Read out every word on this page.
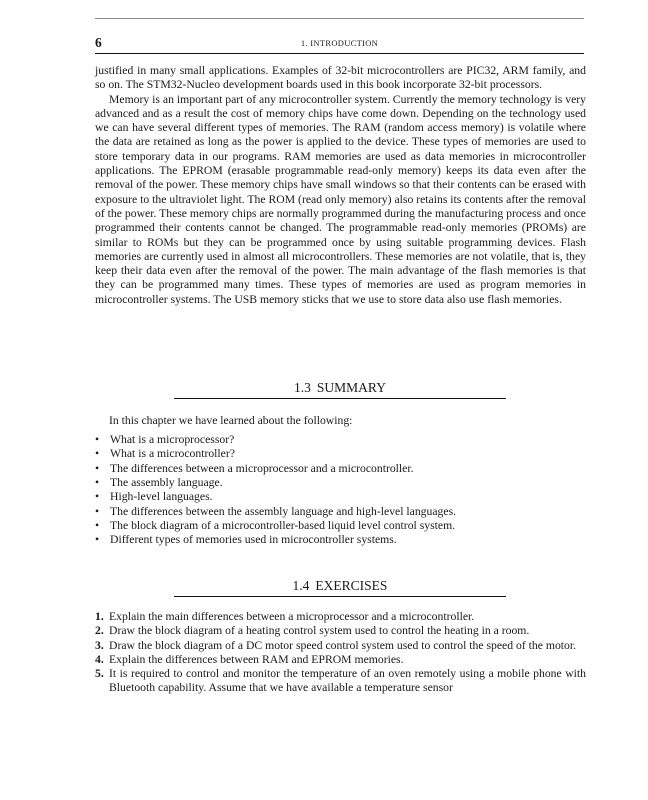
6	1. INTRODUCTION

justified in many small applications. Examples of 32-bit microcontrollers are PIC32, ARM family, and so on. The STM32-Nucleo development boards used in this book incorporate 32-bit processors.

Memory is an important part of any microcontroller system. Currently the memory technology is very advanced and as a result the cost of memory chips have come down. Depending on the technology used we can have several different types of memories. The RAM (random access memory) is volatile where the data are retained as long as the power is applied to the device. These types of memories are used to store temporary data in our programs. RAM memories are used as data memories in microcontroller applications. The EPROM (erasable programmable read-only memory) keeps its data even after the removal of the power. These memory chips have small windows so that their contents can be erased with exposure to the ultraviolet light. The ROM (read only memory) also retains its contents after the removal of the power. These memory chips are normally programmed during the manufacturing process and once programmed their contents cannot be changed. The programmable read-only memories (PROMs) are similar to ROMs but they can be programmed once by using suitable programming devices. Flash memories are currently used in almost all microcontrollers. These memories are not volatile, that is, they keep their data even after the removal of the power. The main advantage of the flash memories is that they can be programmed many times. These types of memories are used as program memories in microcontroller systems. The USB memory sticks that we use to store data also use flash memories.

1.3 SUMMARY
In this chapter we have learned about the following:
• What is a microprocessor?
• What is a microcontroller?
• The differences between a microprocessor and a microcontroller.
• The assembly language.
• High-level languages.
• The differences between the assembly language and high-level languages.
• The block diagram of a microcontroller-based liquid level control system.
• Different types of memories used in microcontroller systems.
1.4 EXERCISES
1. Explain the main differences between a microprocessor and a microcontroller.
2. Draw the block diagram of a heating control system used to control the heating in a room.
3. Draw the block diagram of a DC motor speed control system used to control the speed of the motor.
4. Explain the differences between RAM and EPROM memories.
5. It is required to control and monitor the temperature of an oven remotely using a mobile phone with Bluetooth capability. Assume that we have available a temperature sensor
